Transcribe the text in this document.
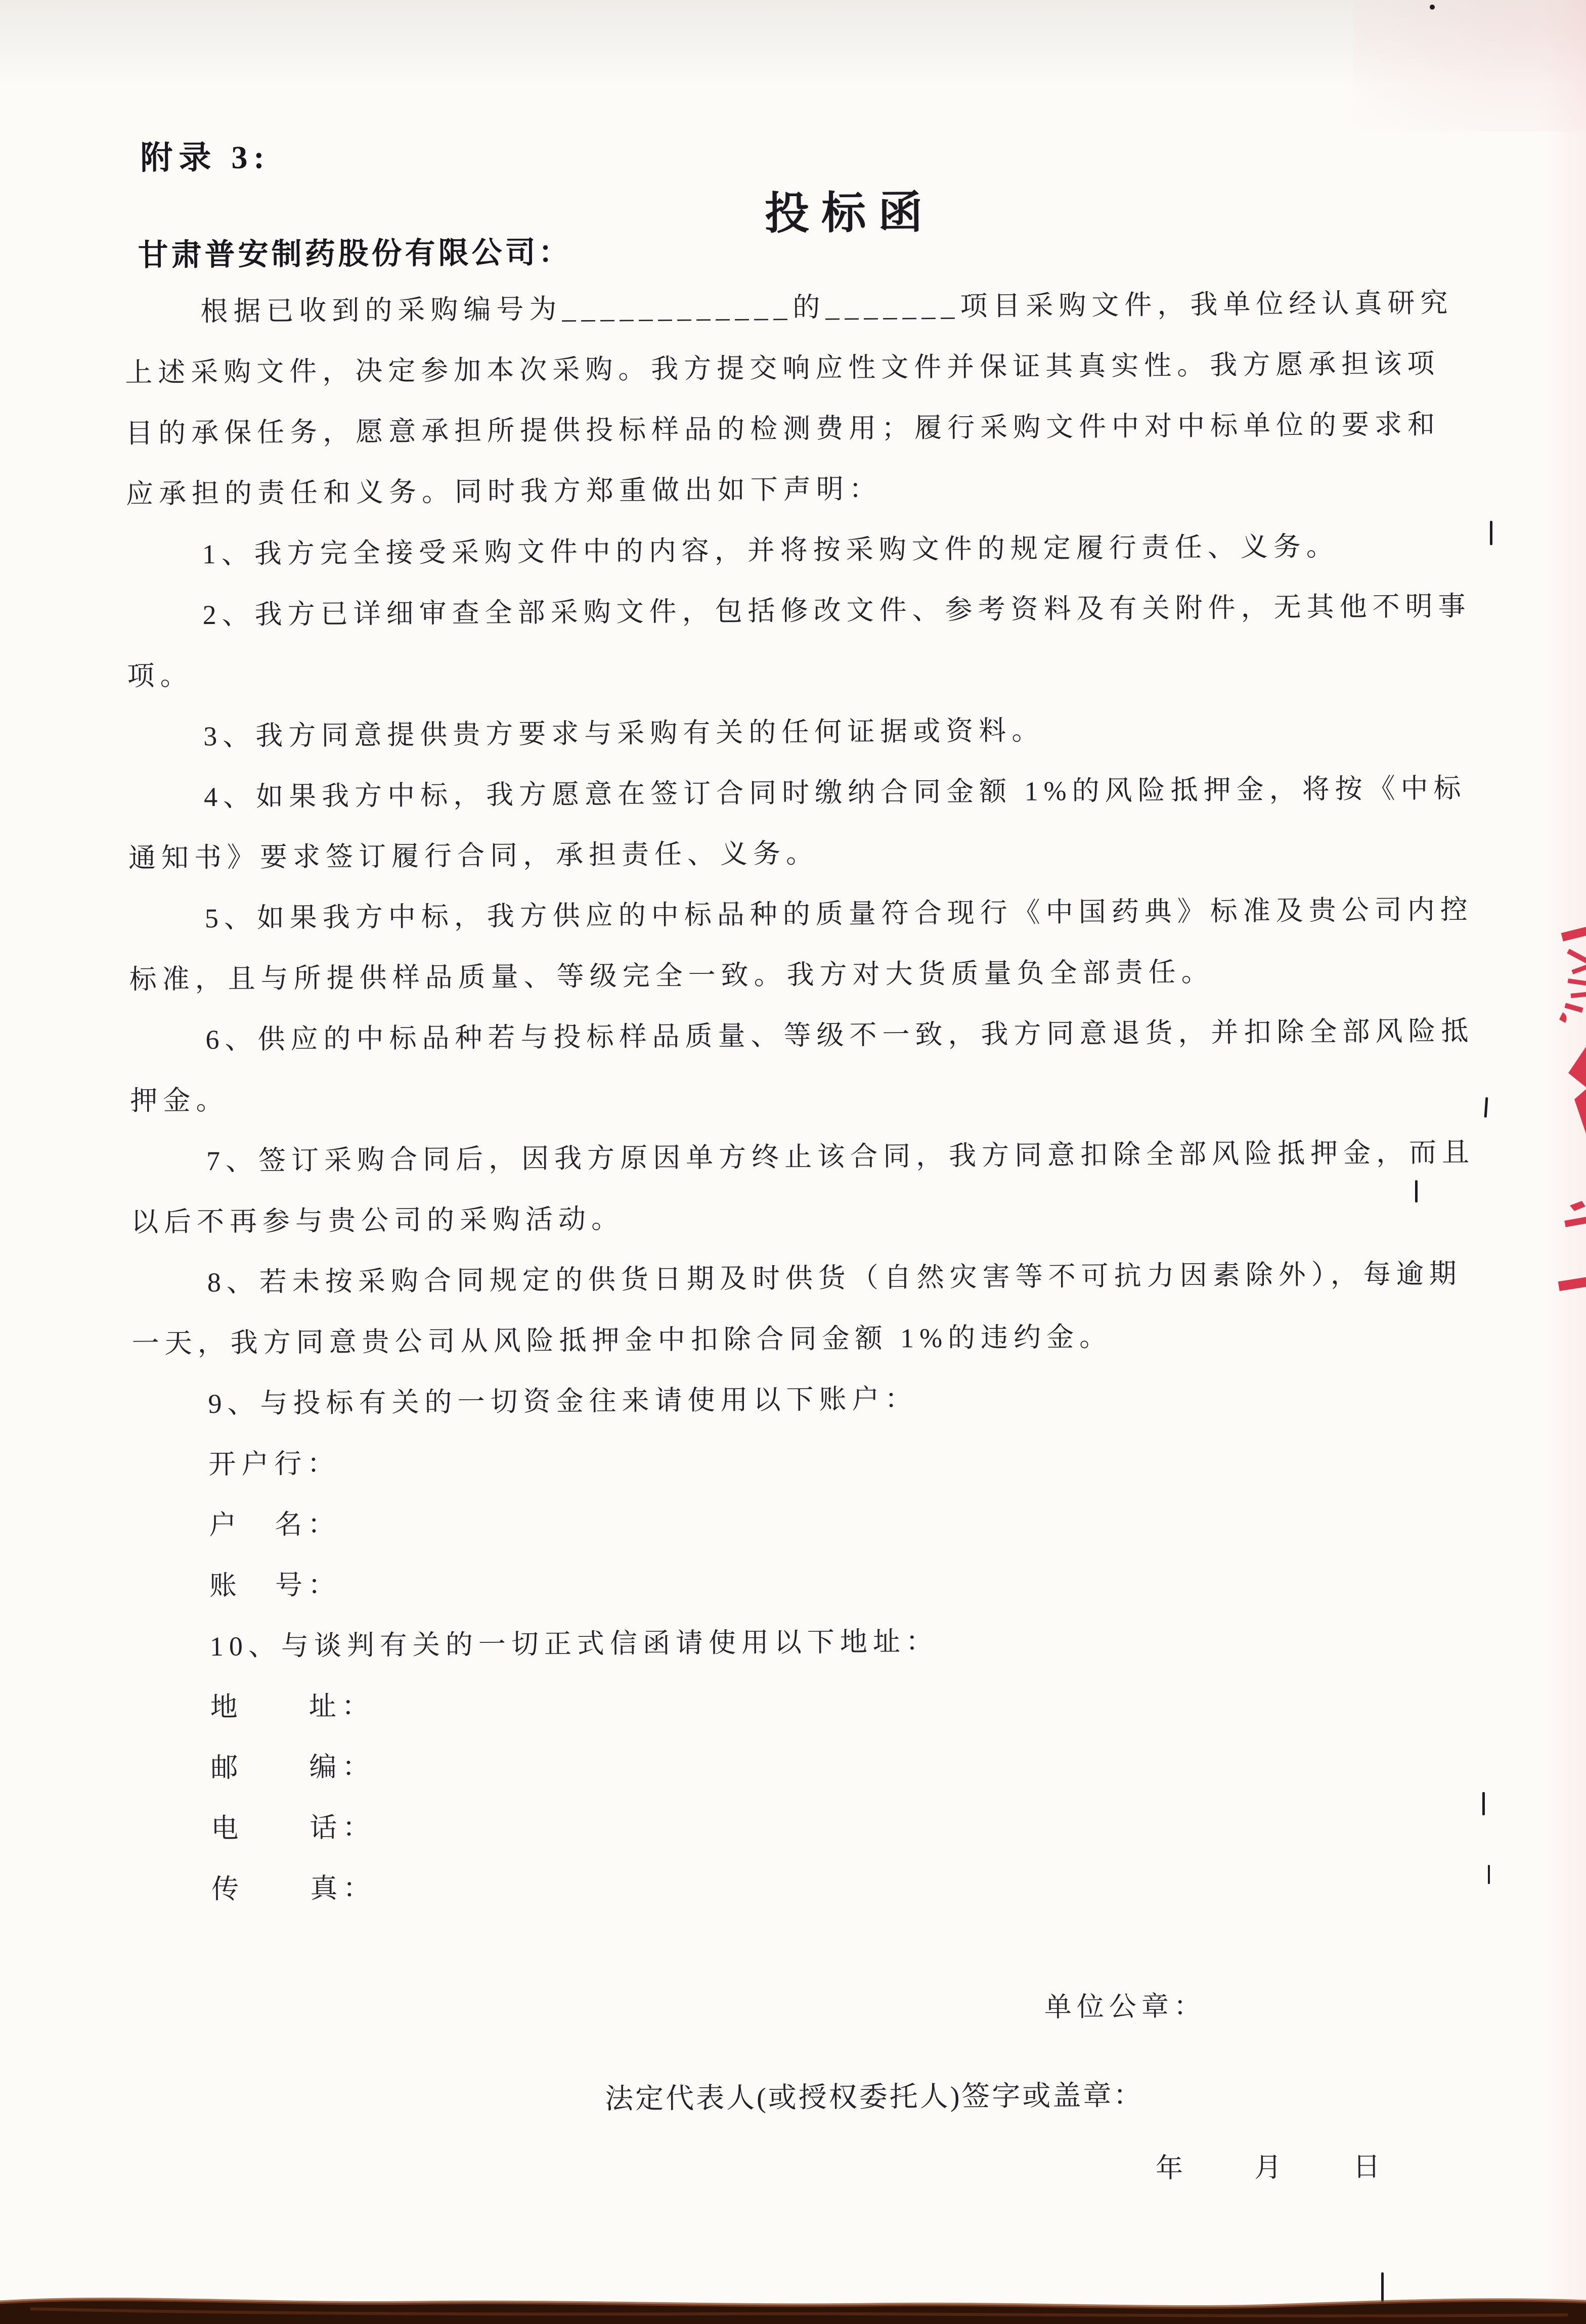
附录 3:
投标函
甘肃普安制药股份有限公司：
根据已收到的采购编号为____________的_______项目采购文件，我单位经认真研究
上述采购文件，决定参加本次采购。我方提交响应性文件并保证其真实性。我方愿承担该项
目的承保任务，愿意承担所提供投标样品的检测费用；履行采购文件中对中标单位的要求和
应承担的责任和义务。同时我方郑重做出如下声明：
1、我方完全接受采购文件中的内容，并将按采购文件的规定履行责任、义务。
2、我方已详细审查全部采购文件，包括修改文件、参考资料及有关附件，无其他不明事
项。
3、我方同意提供贵方要求与采购有关的任何证据或资料。
4、如果我方中标，我方愿意在签订合同时缴纳合同金额 1%的风险抵押金，将按《中标
通知书》要求签订履行合同，承担责任、义务。
5、如果我方中标，我方供应的中标品种的质量符合现行《中国药典》标准及贵公司内控
标准，且与所提供样品质量、等级完全一致。我方对大货质量负全部责任。
6、供应的中标品种若与投标样品质量、等级不一致，我方同意退货，并扣除全部风险抵
押金。
7、签订采购合同后，因我方原因单方终止该合同，我方同意扣除全部风险抵押金，而且
以后不再参与贵公司的采购活动。
8、若未按采购合同规定的供货日期及时供货（自然灾害等不可抗力因素除外），每逾期
一天，我方同意贵公司从风险抵押金中扣除合同金额 1%的违约金。
9、与投标有关的一切资金往来请使用以下账户：
开户行：
户　名：
账　号：
10、与谈判有关的一切正式信函请使用以下地址：
地　　址：
邮　　编：
电　　话：
传　　真：
单位公章：
法定代表人(或授权委托人)签字或盖章：
年　　月　　日
